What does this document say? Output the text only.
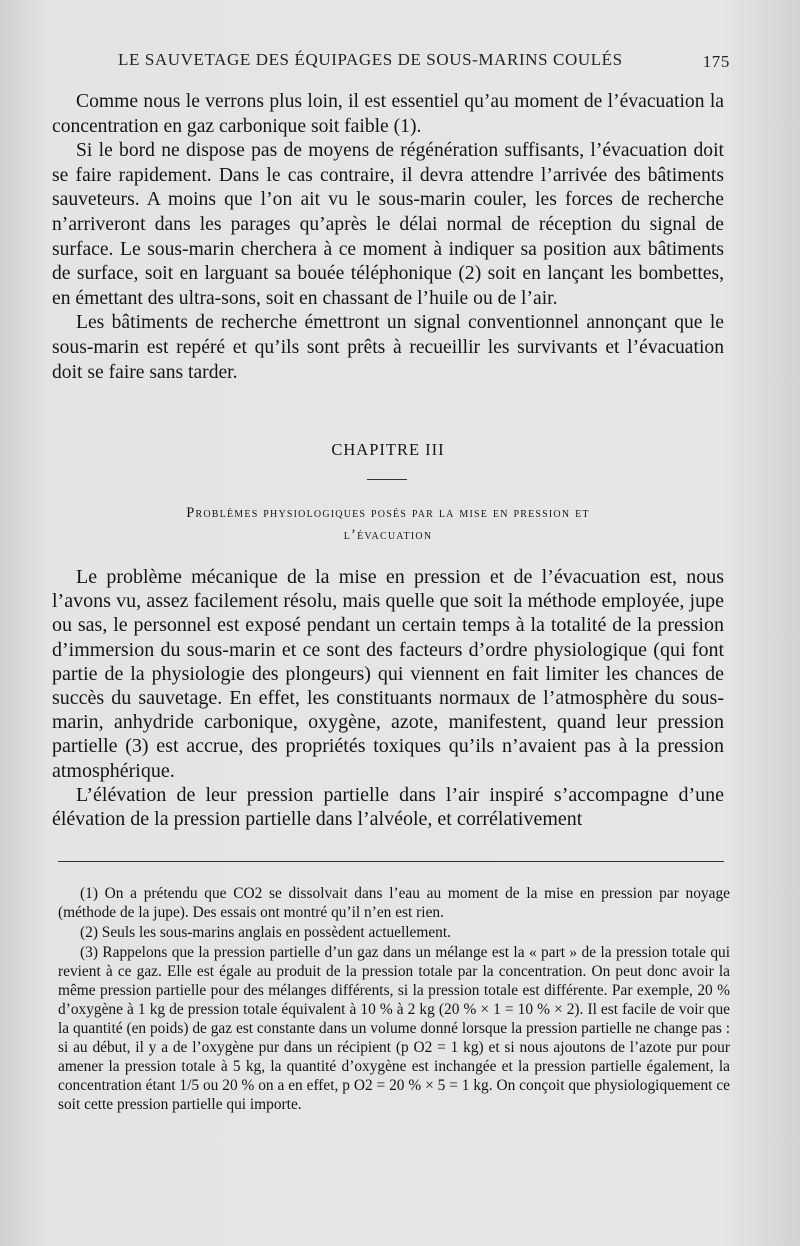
LE SAUVETAGE DES ÉQUIPAGES DE SOUS-MARINS COULÉS	175

Comme nous le verrons plus loin, il est essentiel qu’au moment de l’évacuation la concentration en gaz carbonique soit faible (1).

Si le bord ne dispose pas de moyens de régénération suffisants, l’évacuation doit se faire rapidement. Dans le cas contraire, il devra attendre l’arrivée des bâtiments sauveteurs. A moins que l’on ait vu le sous-marin couler, les forces de recherche n’arriveront dans les parages qu’après le délai normal de réception du signal de surface. Le sous-marin cherchera à ce moment à indiquer sa position aux bâtiments de surface, soit en larguant sa bouée téléphonique (2) soit en lançant les bombettes, en émettant des ultra-sons, soit en chassant de l’huile ou de l’air.

Les bâtiments de recherche émettront un signal conventionnel annonçant que le sous-marin est repéré et qu’ils sont prêts à recueillir les survivants et l’évacuation doit se faire sans tarder.

CHAPITRE III
Problèmes physiologiques posés par la mise en pression et
l’évacuation

Le problème mécanique de la mise en pression et de l’évacuation est, nous l’avons vu, assez facilement résolu, mais quelle que soit la méthode employée, jupe ou sas, le personnel est exposé pendant un certain temps à la totalité de la pression d’immersion du sous-marin et ce sont des facteurs d’ordre physiologique (qui font partie de la physiologie des plongeurs) qui viennent en fait limiter les chances de succès du sauvetage. En effet, les constituants normaux de l’atmosphère du sous-marin, anhydride carbonique, oxygène, azote, manifestent, quand leur pression partielle (3) est accrue, des propriétés toxiques qu’ils n’avaient pas à la pression atmosphérique.

L’élévation de leur pression partielle dans l’air inspiré s’accompagne d’une élévation de la pression partielle dans l’alvéole, et corrélativement

(1) On a prétendu que CO2 se dissolvait dans l’eau au moment de la mise en pression par noyage (méthode de la jupe). Des essais ont montré qu’il n’en est rien.

(2) Seuls les sous-marins anglais en possèdent actuellement.

(3) Rappelons que la pression partielle d’un gaz dans un mélange est la « part » de la pression totale qui revient à ce gaz. Elle est égale au produit de la pression totale par la concentration. On peut donc avoir la même pression partielle pour des mélanges différents, si la pression totale est différente. Par exemple, 20 % d’oxygène à 1 kg de pression totale équivalent à 10 % à 2 kg (20 % × 1 = 10 % × 2). Il est facile de voir que la quantité (en poids) de gaz est constante dans un volume donné lorsque la pression partielle ne change pas : si au début, il y a de l’oxygène pur dans un récipient (p O2 = 1 kg) et si nous ajoutons de l’azote pur pour amener la pression totale à 5 kg, la quantité d’oxygène est inchangée et la pression partielle également, la concentration étant 1/5 ou 20 % on a en effet, p O2 = 20 % × 5 = 1 kg. On conçoit que physiologiquement ce soit cette pression partielle qui importe.
